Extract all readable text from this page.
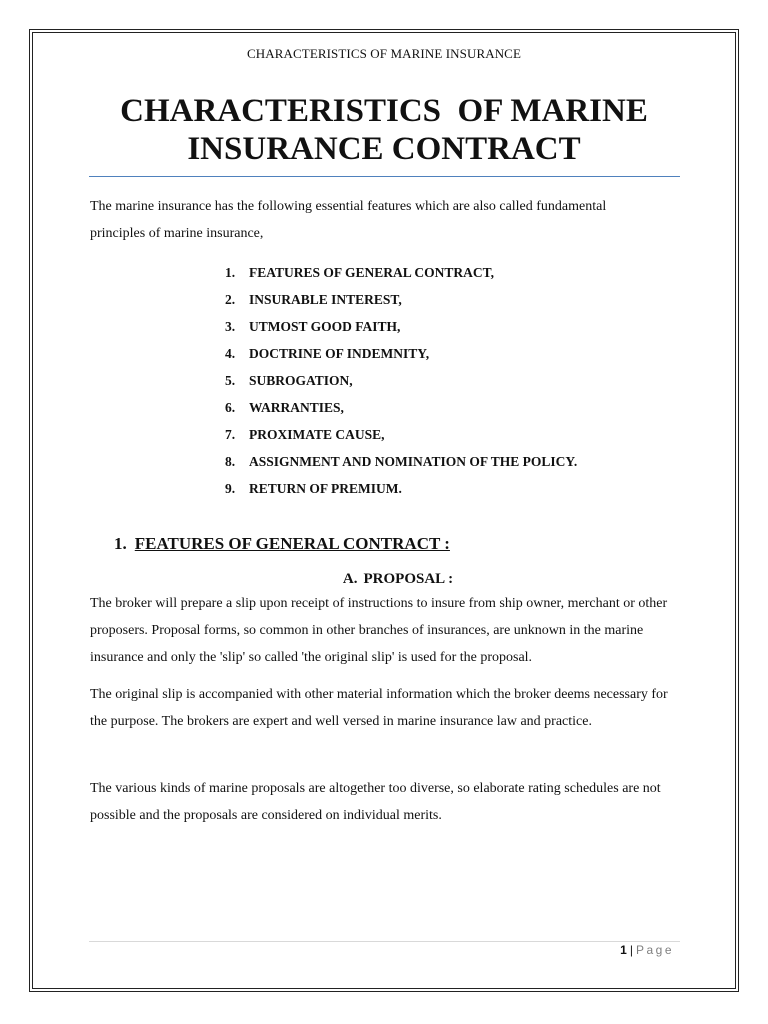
CHARACTERISTICS OF MARINE INSURANCE
CHARACTERISTICS  OF MARINE
INSURANCE CONTRACT
The marine insurance has the following essential features which are also called fundamental
principles of marine insurance,
1. FEATURES OF GENERAL CONTRACT,
2. INSURABLE INTEREST,
3. UTMOST GOOD FAITH,
4. DOCTRINE OF INDEMNITY,
5. SUBROGATION,
6. WARRANTIES,
7. PROXIMATE CAUSE,
8. ASSIGNMENT AND NOMINATION OF THE POLICY.
9. RETURN OF PREMIUM.
1. FEATURES OF GENERAL CONTRACT :
A. PROPOSAL :

The broker will prepare a slip upon receipt of instructions to insure from ship owner, merchant or other proposers. Proposal forms, so common in other branches of insurances, are unknown in the marine insurance and only the 'slip' so called 'the original slip' is used for the proposal.

The original slip is accompanied with other material information which the broker deems necessary for the purpose. The brokers are expert and well versed in marine insurance law and practice.

The various kinds of marine proposals are altogether too diverse, so elaborate rating schedules are not possible and the proposals are considered on individual merits.

1 | Page
